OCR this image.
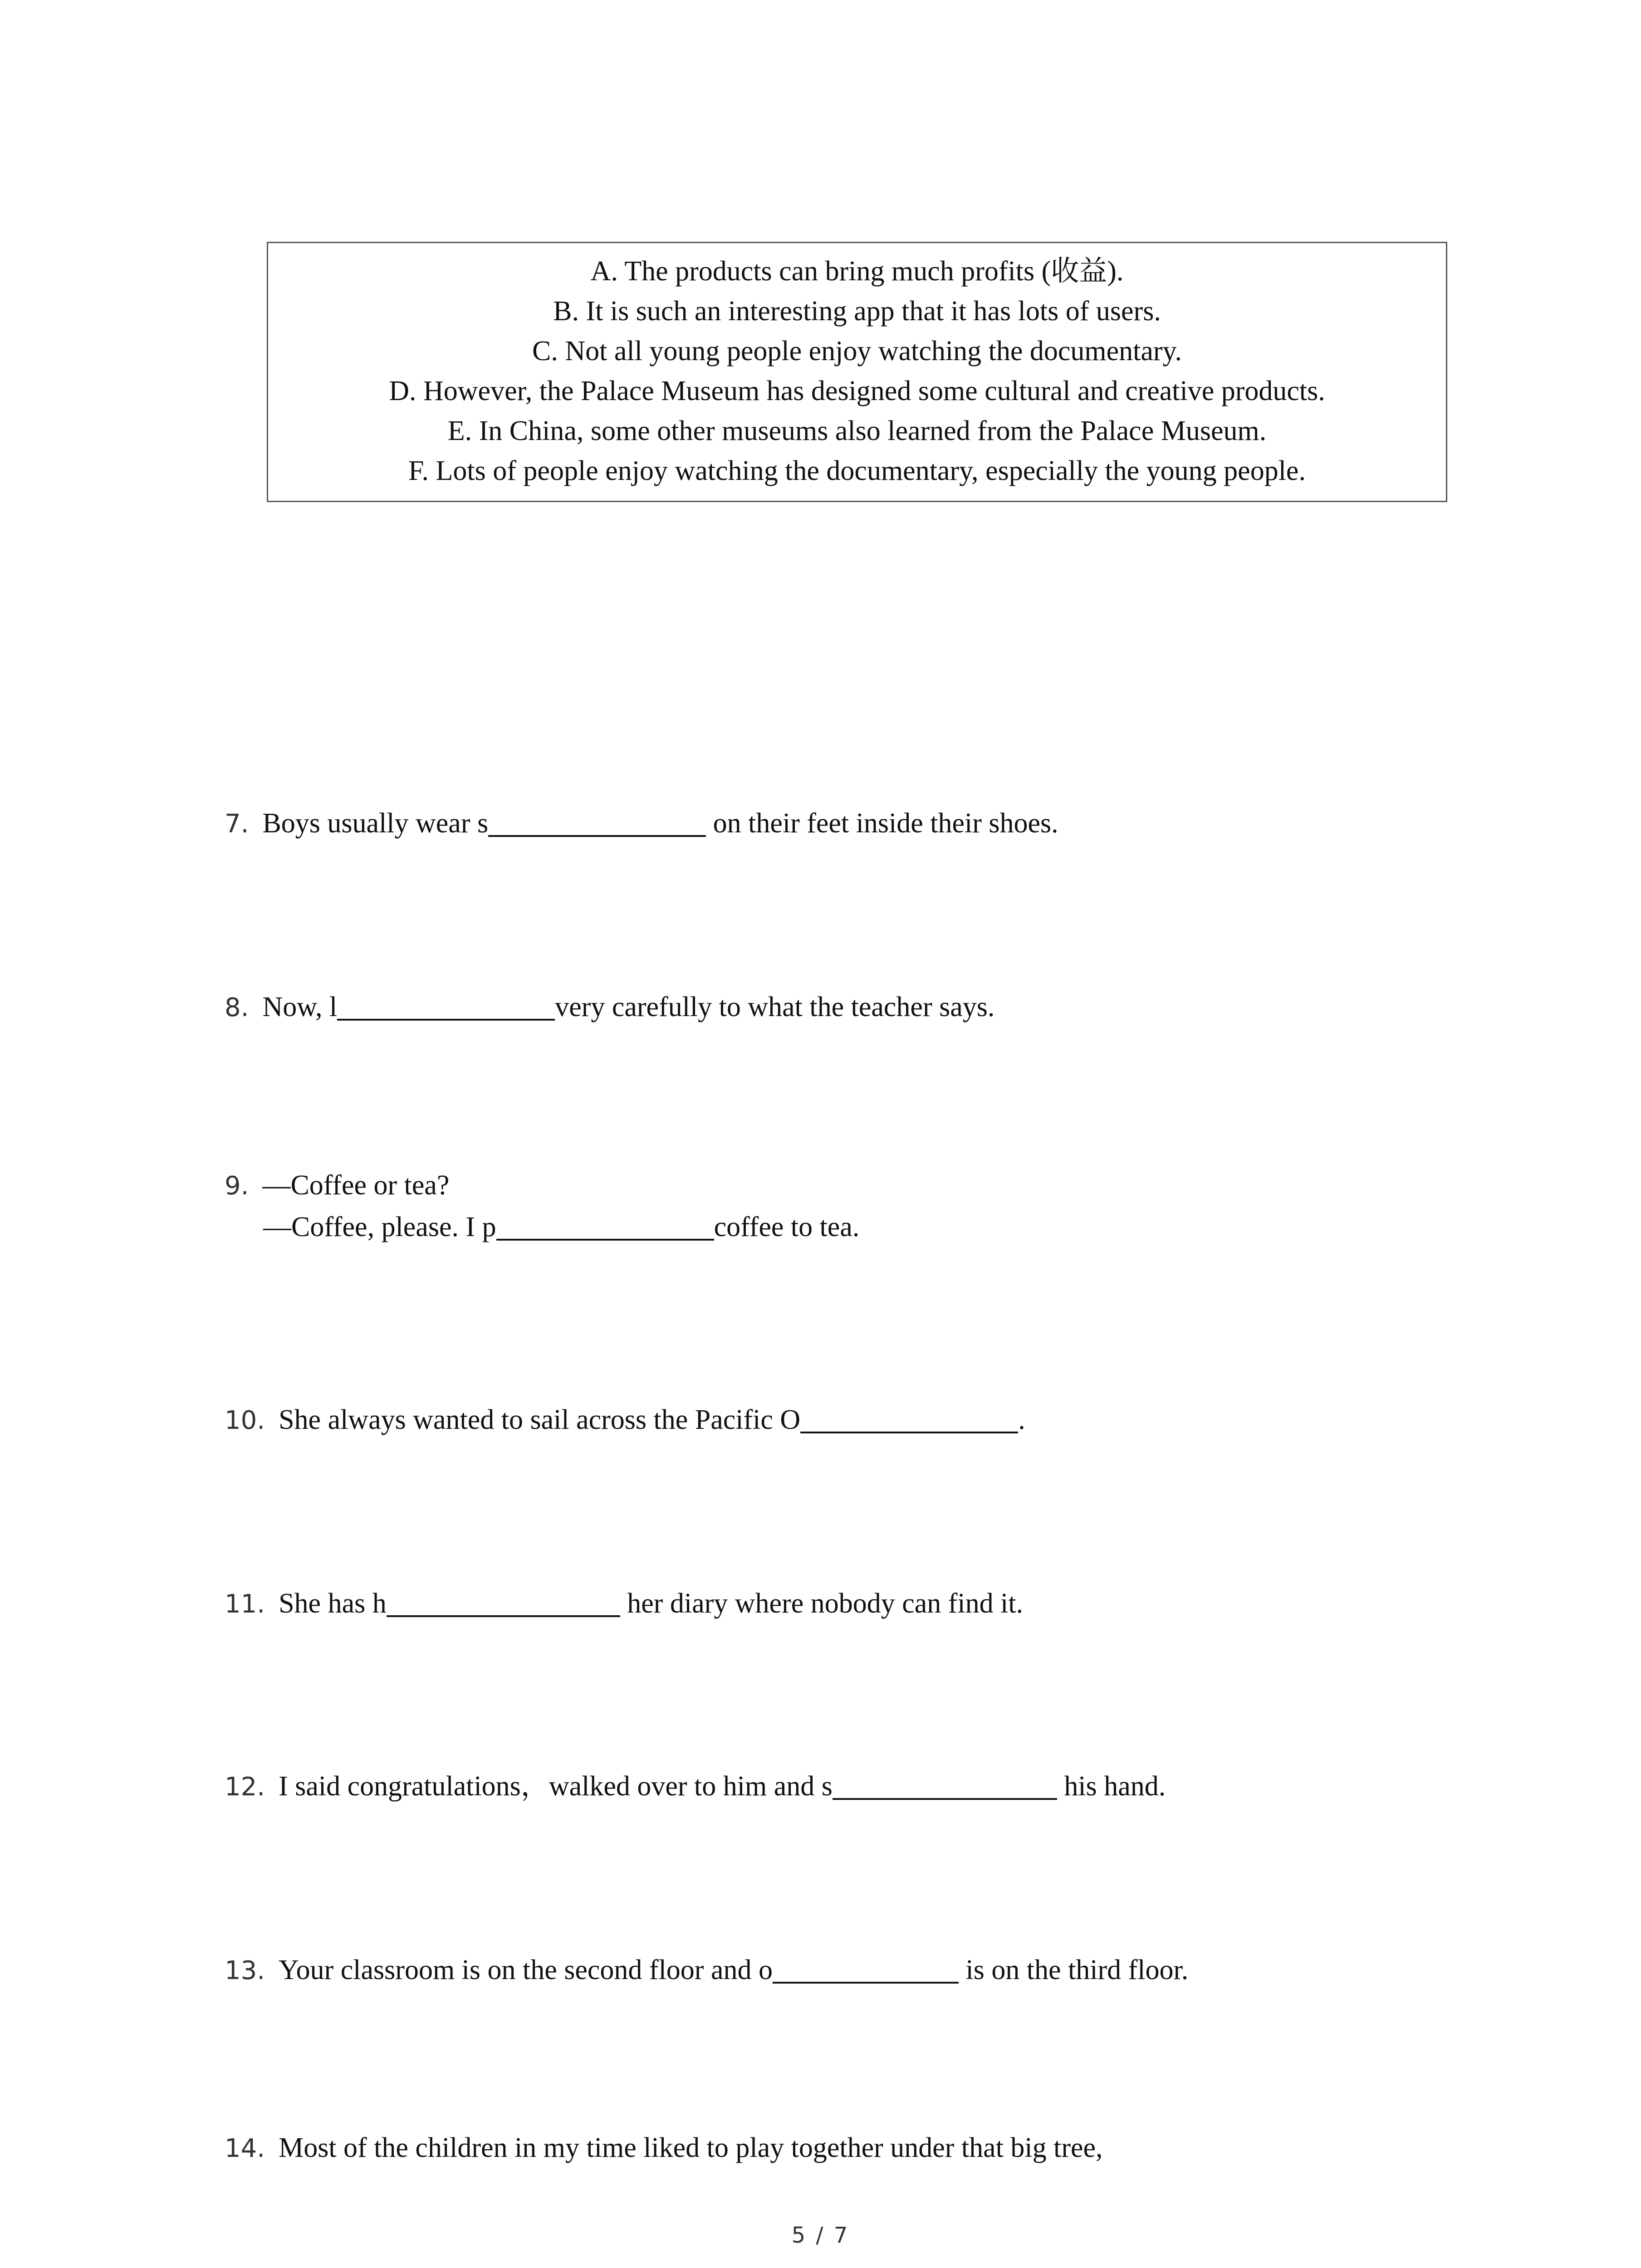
A. The products can bring much profits (收益).
B. It is such an interesting app that it has lots of users.
C. Not all young people enjoy watching the documentary.
D. However, the Palace Museum has designed some cultural and creative products.
E. In China, some other museums also learned from the Palace Museum.
F. Lots of people enjoy watching the documentary, especially the young people.
7. Boys usually wear s	on their feet inside their shoes.
8. Now, l	very carefully to what the teacher says.
9. —Coffee or tea?
—Coffee, please. I p	coffee to tea.
10. She always wanted to sail across the Pacific O	.
11. She has h	her diary where nobody can find it.
12. I said congratulations，walked over to him and s	his hand.
13. Your classroom is on the second floor and o	is on the third floor.
14. Most of the children in my time liked to play together under that big tree,
5 / 7
